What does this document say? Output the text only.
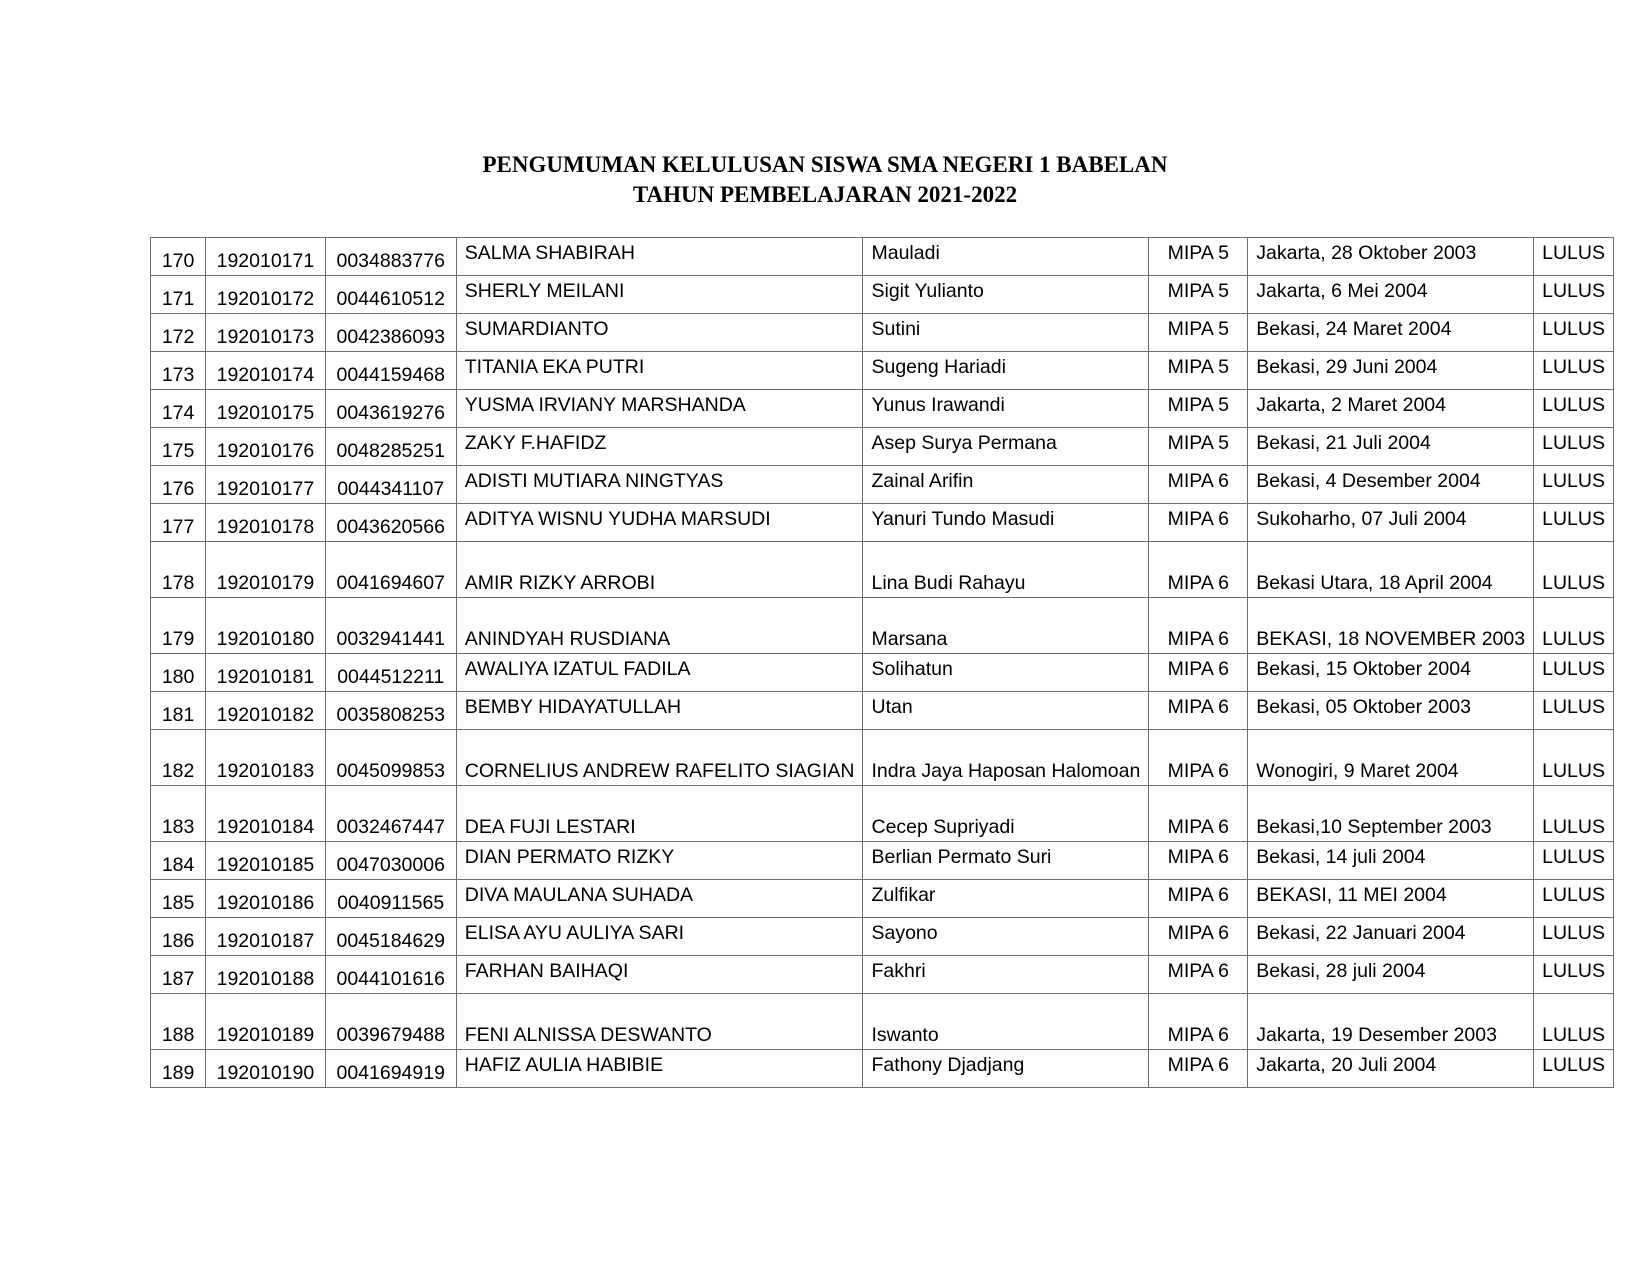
PENGUMUMAN KELULUSAN SISWA SMA NEGERI 1 BABELAN
TAHUN PEMBELAJARAN 2021-2022
170	192010171	0034883776	SALMA SHABIRAH	Mauladi	MIPA 5	Jakarta, 28 Oktober 2003	LULUS
171	192010172	0044610512	SHERLY MEILANI	Sigit Yulianto	MIPA 5	Jakarta, 6 Mei 2004	LULUS
172	192010173	0042386093	SUMARDIANTO	Sutini	MIPA 5	Bekasi, 24 Maret 2004	LULUS
173	192010174	0044159468	TITANIA EKA PUTRI	Sugeng Hariadi	MIPA 5	Bekasi, 29 Juni 2004	LULUS
174	192010175	0043619276	YUSMA IRVIANY MARSHANDA	Yunus Irawandi	MIPA 5	Jakarta, 2 Maret 2004	LULUS
175	192010176	0048285251	ZAKY F.HAFIDZ	Asep Surya Permana	MIPA 5	Bekasi, 21 Juli 2004	LULUS
176	192010177	0044341107	ADISTI MUTIARA NINGTYAS	Zainal Arifin	MIPA 6	Bekasi, 4 Desember 2004	LULUS
177	192010178	0043620566	ADITYA WISNU YUDHA MARSUDI	Yanuri Tundo Masudi	MIPA 6	Sukoharho, 07 Juli 2004	LULUS
178	192010179	0041694607	AMIR RIZKY ARROBI	Lina Budi Rahayu	MIPA 6	Bekasi Utara, 18 April 2004	LULUS
179	192010180	0032941441	ANINDYAH RUSDIANA	Marsana	MIPA 6	BEKASI, 18 NOVEMBER 2003	LULUS
180	192010181	0044512211	AWALIYA IZATUL FADILA	Solihatun	MIPA 6	Bekasi, 15 Oktober 2004	LULUS
181	192010182	0035808253	BEMBY HIDAYATULLAH	Utan	MIPA 6	Bekasi, 05 Oktober 2003	LULUS
182	192010183	0045099853	CORNELIUS ANDREW RAFELITO SIAGIAN	Indra Jaya Haposan Halomoan	MIPA 6	Wonogiri, 9 Maret 2004	LULUS
183	192010184	0032467447	DEA FUJI LESTARI	Cecep Supriyadi	MIPA 6	Bekasi,10 September 2003	LULUS
184	192010185	0047030006	DIAN PERMATO RIZKY	Berlian Permato Suri	MIPA 6	Bekasi, 14 juli 2004	LULUS
185	192010186	0040911565	DIVA MAULANA SUHADA	Zulfikar	MIPA 6	BEKASI, 11 MEI 2004	LULUS
186	192010187	0045184629	ELISA AYU AULIYA SARI	Sayono	MIPA 6	Bekasi, 22 Januari 2004	LULUS
187	192010188	0044101616	FARHAN BAIHAQI	Fakhri	MIPA 6	Bekasi, 28 juli 2004	LULUS
188	192010189	0039679488	FENI ALNISSA DESWANTO	Iswanto	MIPA 6	Jakarta, 19 Desember 2003	LULUS
189	192010190	0041694919	HAFIZ AULIA HABIBIE	Fathony Djadjang	MIPA 6	Jakarta, 20 Juli 2004	LULUS
